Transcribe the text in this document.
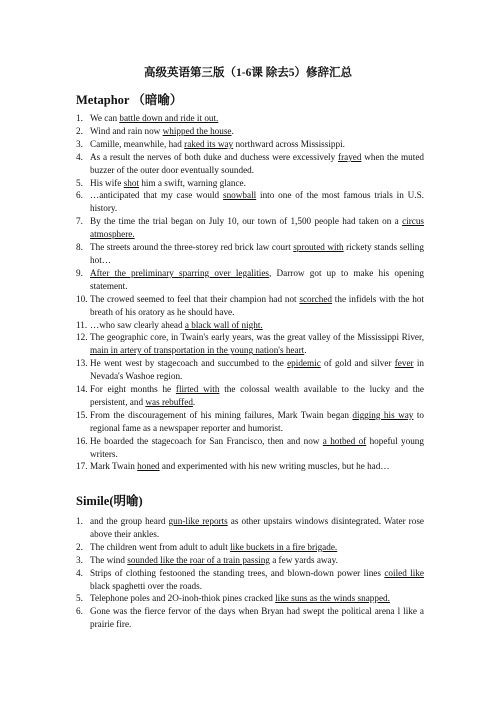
高级英语第三版（1-6课 除去5）修辞汇总
Metaphor （暗喻）
1. We can battle down and ride it out.
2. Wind and rain now whipped the house.
3. Camille, meanwhile, had raked its way northward across Mississippi.
4. As a result the nerves of both duke and duchess were excessively frayed when the muted buzzer of the outer door eventually sounded.
5. His wife shot him a swift, warning glance.
6. …anticipated that my case would snowball into one of the most famous trials in U.S. history.
7. By the time the trial began on July 10, our town of 1,500 people had taken on a circus atmosphere.
8. The streets around the three-storey red brick law court sprouted with rickety stands selling hot…
9. After the preliminary sparring over legalities, Darrow got up to make his opening statement.
10. The crowed seemed to feel that their champion had not scorched the infidels with the hot breath of his oratory as he should have.
11. …who saw clearly ahead a black wall of night.
12. The geographic core, in Twain's early years, was the great valley of the Mississippi River, main in artery of transportation in the young nation's heart.
13. He went west by stagecoach and succumbed to the epidemic of gold and silver fever in Nevada's Washoe region.
14. For eight months he flirted with the colossal wealth available to the lucky and the persistent, and was rebuffed.
15. From the discouragement of his mining failures, Mark Twain began digging his way to regional fame as a newspaper reporter and humorist.
16. He boarded the stagecoach for San Francisco, then and now a hotbed of hopeful young writers.
17. Mark Twain honed and experimented with his new writing muscles, but he had…
Simile(明喻)
1. and the group heard gun-like reports as other upstairs windows disintegrated. Water rose above their ankles.
2. The children went from adult to adult like buckets in a fire brigade.
3. The wind sounded like the roar of a train passing a few yards away.
4. Strips of clothing festooned the standing trees, and blown-down power lines coiled like black spaghetti over the roads.
5. Telephone poles and 2O-inoh-thiok pines cracked like suns as the winds snapped.
6. Gone was the fierce fervor of the days when Bryan had swept the political arena l like a prairie fire.
